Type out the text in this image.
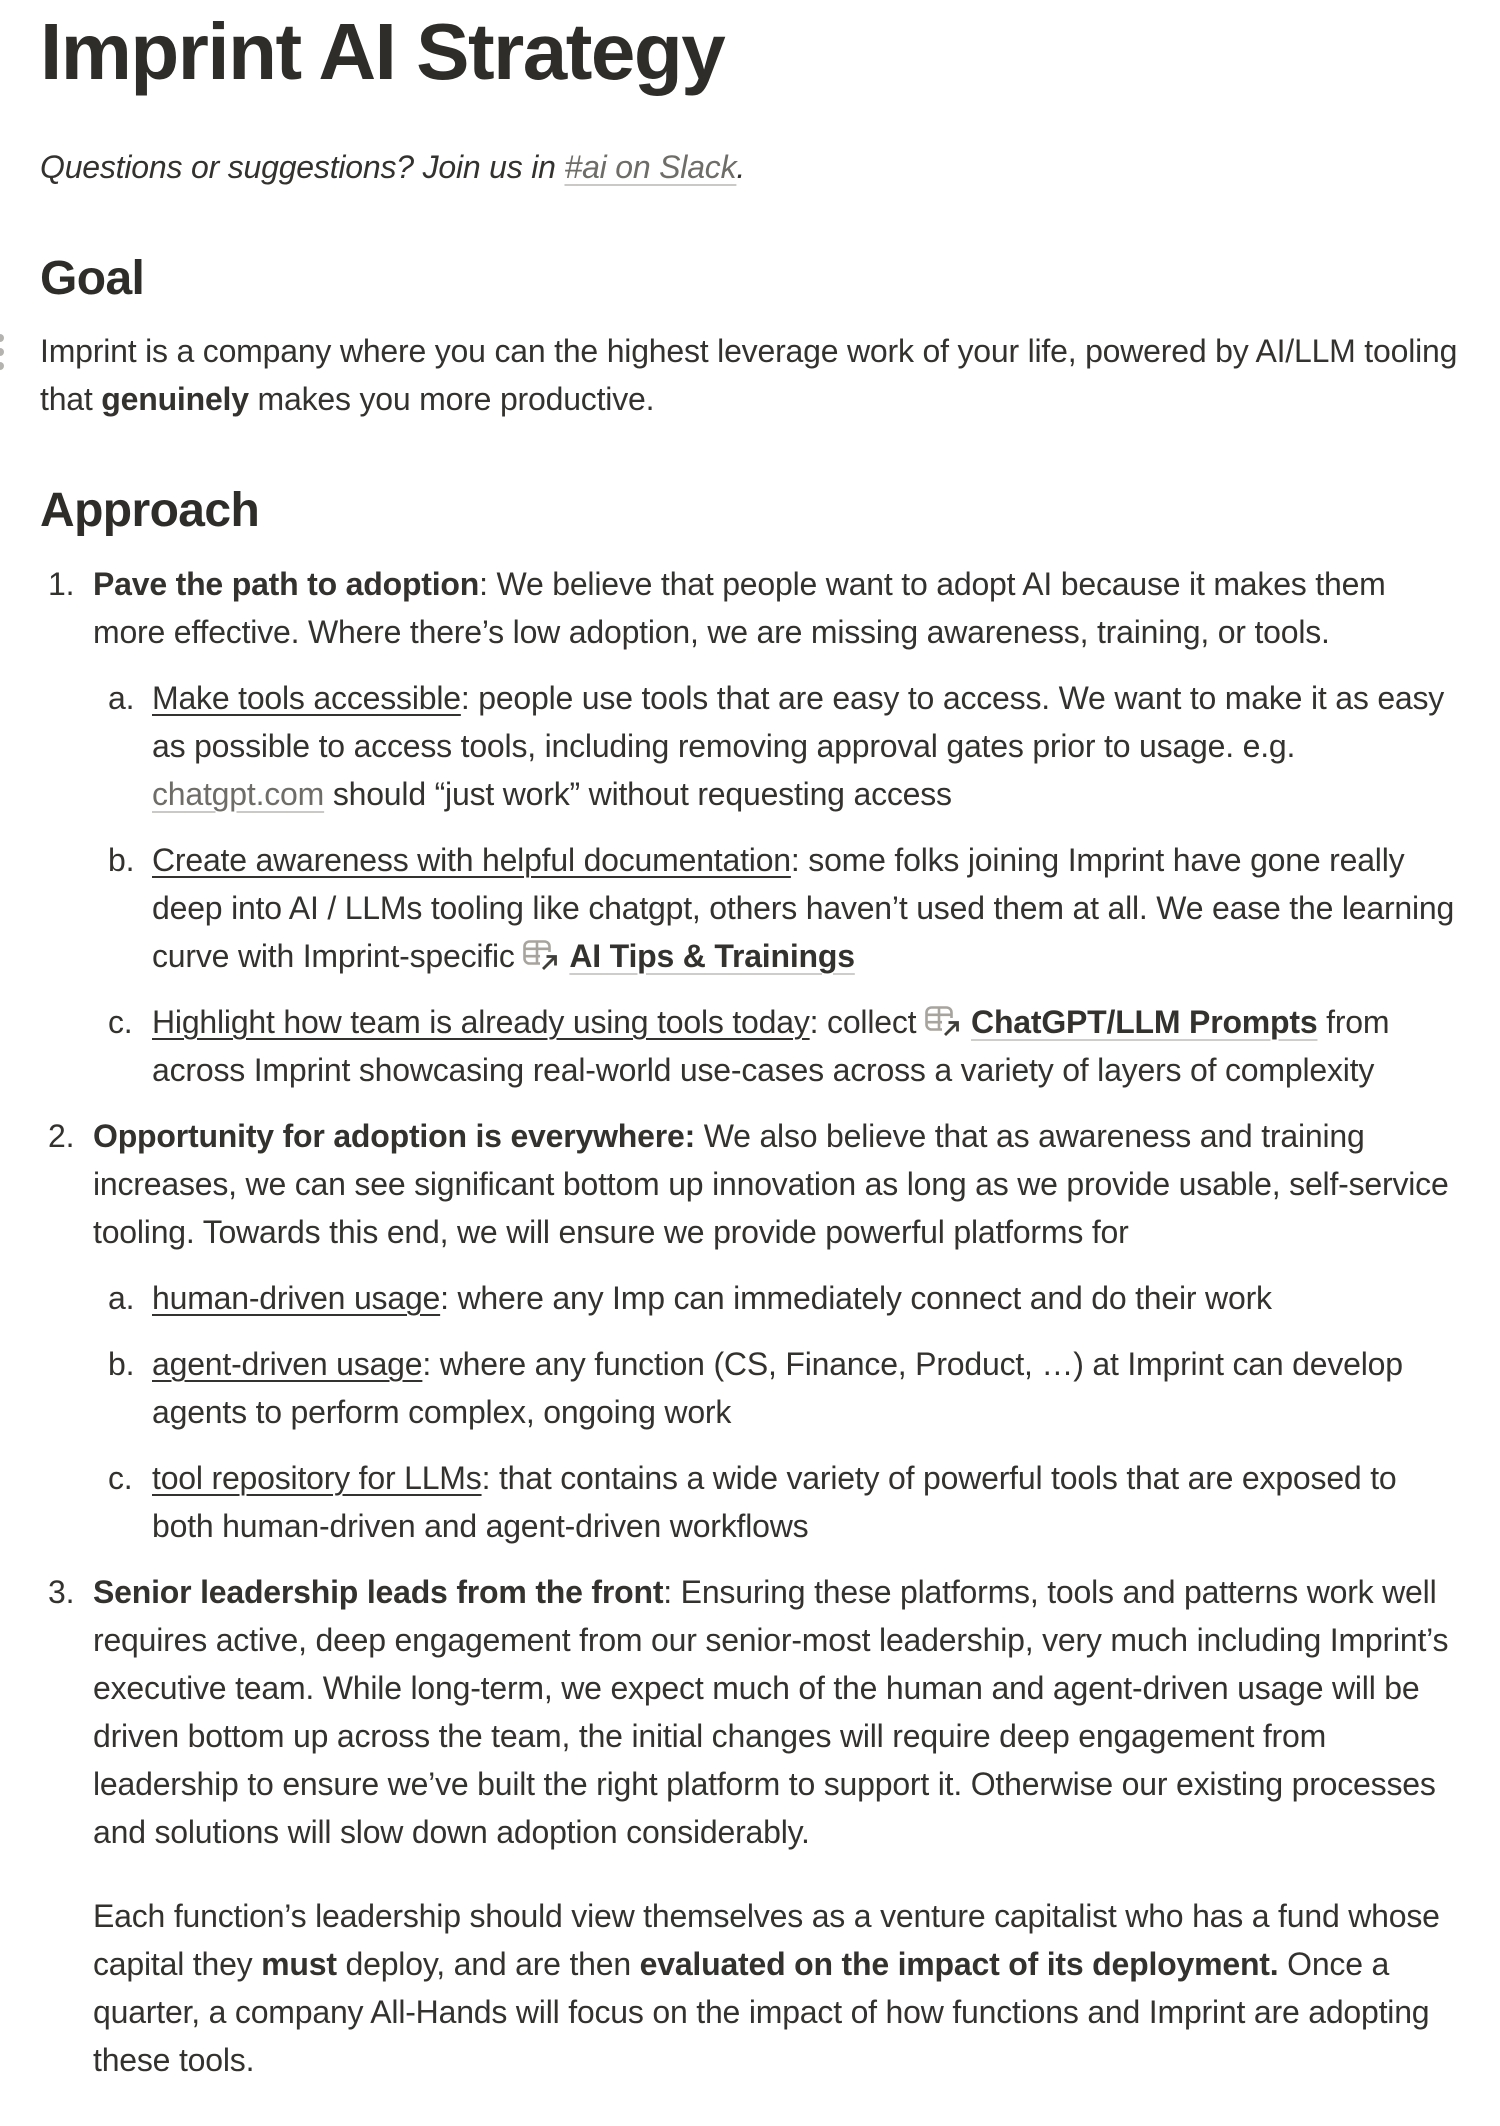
Imprint AI Strategy

Questions or suggestions? Join us in #ai on Slack.

Goal

Imprint is a company where you can the highest leverage work of your life, powered by AI/LLM tooling that genuinely makes you more productive.

Approach
1. Pave the path to adoption: We believe that people want to adopt AI because it makes them more effective. Where there’s low adoption, we are missing awareness, training, or tools.
a. Make tools accessible: people use tools that are easy to access. We want to make it as easy as possible to access tools, including removing approval gates prior to usage. e.g. chatgpt.com should “just work” without requesting access
b. Create awareness with helpful documentation: some folks joining Imprint have gone really deep into AI / LLMs tooling like chatgpt, others haven’t used them at all. We ease the learning curve with Imprint-specific
AI Tips & Trainings
c. Highlight how team is already using tools today: collect
ChatGPT/LLM Prompts from across Imprint showcasing real-world use-cases across a variety of layers of complexity
2. Opportunity for adoption is everywhere: We also believe that as awareness and training increases, we can see significant bottom up innovation as long as we provide usable, self-service tooling. Towards this end, we will ensure we provide powerful platforms for
a. human-driven usage: where any Imp can immediately connect and do their work
b. agent-driven usage: where any function (CS, Finance, Product, …) at Imprint can develop agents to perform complex, ongoing work
c. tool repository for LLMs: that contains a wide variety of powerful tools that are exposed to both human-driven and agent-driven workflows
3. Senior leadership leads from the front: Ensuring these platforms, tools and patterns work well requires active, deep engagement from our senior-most leadership, very much including Imprint’s executive team. While long-term, we expect much of the human and agent-driven usage will be driven bottom up across the team, the initial changes will require deep engagement from leadership to ensure we’ve built the right platform to support it. Otherwise our existing processes and solutions will slow down adoption considerably.

Each function’s leadership should view themselves as a venture capitalist who has a fund whose capital they must deploy, and are then evaluated on the impact of its deployment. Once a quarter, a company All-Hands will focus on the impact of how functions and Imprint are adopting these tools.
